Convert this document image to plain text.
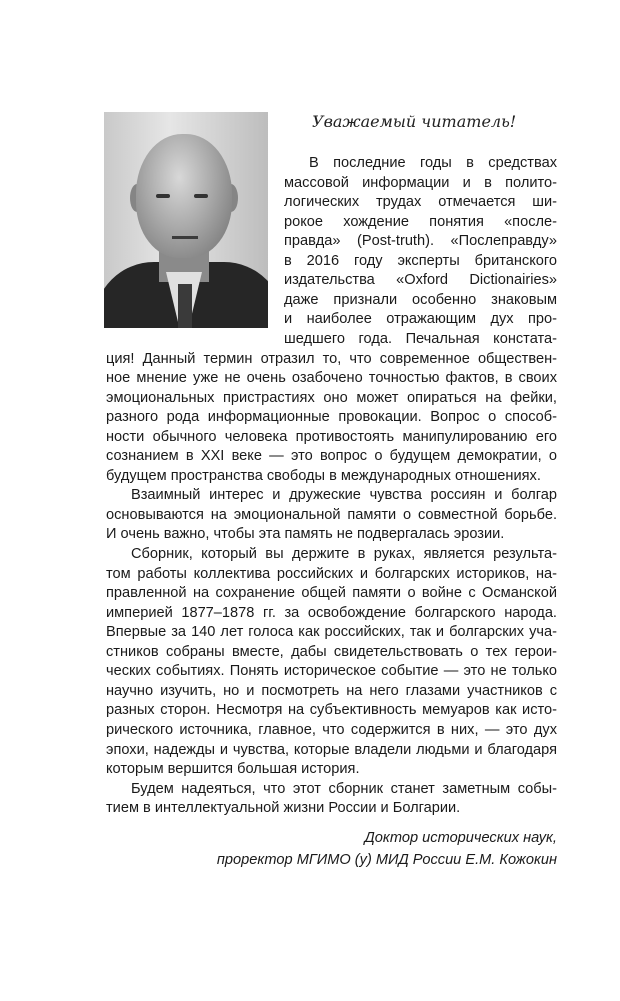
Уважаемый читатель!
В последние годы в средствах
массовой информации и в полито-
логических трудах отмечается ши-
рокое хождение понятия «после-
правда» (Post-truth). «Послеправду»
в 2016 году эксперты британского
издательства «Oxford Dictionairies»
даже признали особенно знаковым
и наиболее отражающим дух про-
шедшего года. Печальная констата-
ция! Данный термин отразил то, что современное обществен-
ное мнение уже не очень озабочено точностью фактов, в своих
эмоциональных пристрастиях оно может опираться на фейки,
разного рода информационные провокации. Вопрос о способ-
ности обычного человека противостоять манипулированию его
сознанием в XXI веке — это вопрос о будущем демократии, о
будущем пространства свободы в международных отношениях.
Взаимный интерес и дружеские чувства россиян и болгар
основываются на эмоциональной памяти о совместной борьбе.
И очень важно, чтобы эта память не подвергалась эрозии.
Сборник, который вы держите в руках, является результа-
том работы коллектива российских и болгарских историков, на-
правленной на сохранение общей памяти о войне с Османской
империей 1877–1878 гг. за освобождение болгарского народа.
Впервые за 140 лет голоса как российских, так и болгарских уча-
стников собраны вместе, дабы свидетельствовать о тех герои-
ческих событиях. Понять историческое событие — это не только
научно изучить, но и посмотреть на него глазами участников с
разных сторон. Несмотря на субъективность мемуаров как исто-
рического источника, главное, что содержится в них, — это дух
эпохи, надежды и чувства, которые владели людьми и благодаря
которым вершится большая история.
Будем надеяться, что этот сборник станет заметным собы-
тием в интеллектуальной жизни России и Болгарии.
Доктор исторических наук,
проректор МГИМО (у) МИД России Е.М. Кожокин
